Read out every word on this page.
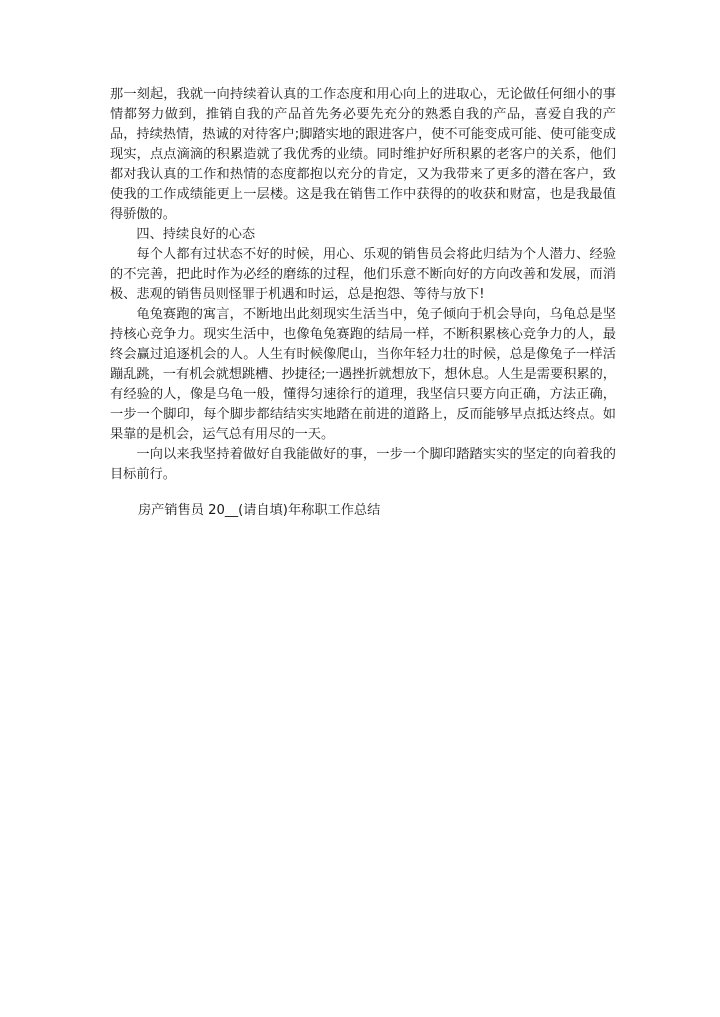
那一刻起，我就一向持续着认真的工作态度和用心向上的进取心，无论做任何细小的事情都努力做到，推销自我的产品首先务必要先充分的熟悉自我的产品，喜爱自我的产品，持续热情，热诚的对待客户;脚踏实地的跟进客户，使不可能变成可能、使可能变成现实，点点滴滴的积累造就了我优秀的业绩。同时维护好所积累的老客户的关系，他们都对我认真的工作和热情的态度都抱以充分的肯定，又为我带来了更多的潜在客户，致使我的工作成绩能更上一层楼。这是我在销售工作中获得的的收获和财富，也是我最值得骄傲的。

四、持续良好的心态

每个人都有过状态不好的时候，用心、乐观的销售员会将此归结为个人潜力、经验的不完善，把此时作为必经的磨练的过程，他们乐意不断向好的方向改善和发展，而消极、悲观的销售员则怪罪于机遇和时运，总是抱怨、等待与放下!

龟兔赛跑的寓言，不断地出此刻现实生活当中，兔子倾向于机会导向，乌龟总是坚持核心竞争力。现实生活中，也像龟兔赛跑的结局一样，不断积累核心竞争力的人，最终会赢过追逐机会的人。人生有时候像爬山，当你年轻力壮的时候，总是像兔子一样活蹦乱跳，一有机会就想跳槽、抄捷径;一遇挫折就想放下，想休息。人生是需要积累的，有经验的人，像是乌龟一般，懂得匀速徐行的道理，我坚信只要方向正确，方法正确，一步一个脚印，每个脚步都结结实实地踏在前进的道路上，反而能够早点抵达终点。如果靠的是机会，运气总有用尽的一天。

一向以来我坚持着做好自我能做好的事，一步一个脚印踏踏实实的坚定的向着我的目标前行。

房产销售员 20__(请自填)年称职工作总结
